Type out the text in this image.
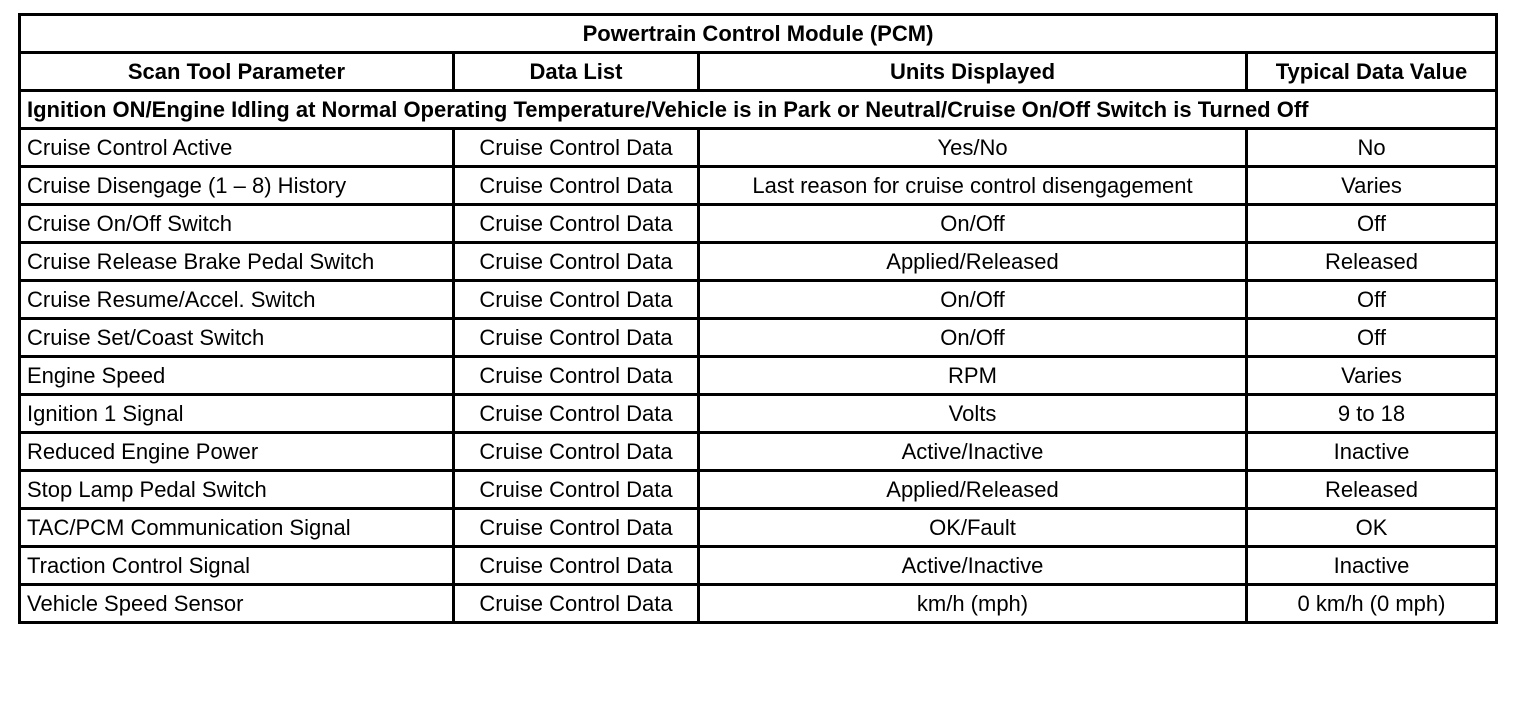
Powertrain Control Module (PCM)			
Scan Tool Parameter	Data List	Units Displayed	Typical Data Value
Ignition ON/Engine Idling at Normal Operating Temperature/Vehicle is in Park or Neutral/Cruise On/Off Switch is Turned Off			
Cruise Control Active	Cruise Control Data	Yes/No	No
Cruise Disengage (1 – 8) History	Cruise Control Data	Last reason for cruise control disengagement	Varies
Cruise On/Off Switch	Cruise Control Data	On/Off	Off
Cruise Release Brake Pedal Switch	Cruise Control Data	Applied/Released	Released
Cruise Resume/Accel. Switch	Cruise Control Data	On/Off	Off
Cruise Set/Coast Switch	Cruise Control Data	On/Off	Off
Engine Speed	Cruise Control Data	RPM	Varies
Ignition 1 Signal	Cruise Control Data	Volts	9 to 18
Reduced Engine Power	Cruise Control Data	Active/Inactive	Inactive
Stop Lamp Pedal Switch	Cruise Control Data	Applied/Released	Released
TAC/PCM Communication Signal	Cruise Control Data	OK/Fault	OK
Traction Control Signal	Cruise Control Data	Active/Inactive	Inactive
Vehicle Speed Sensor	Cruise Control Data	km/h (mph)	0 km/h (0 mph)
